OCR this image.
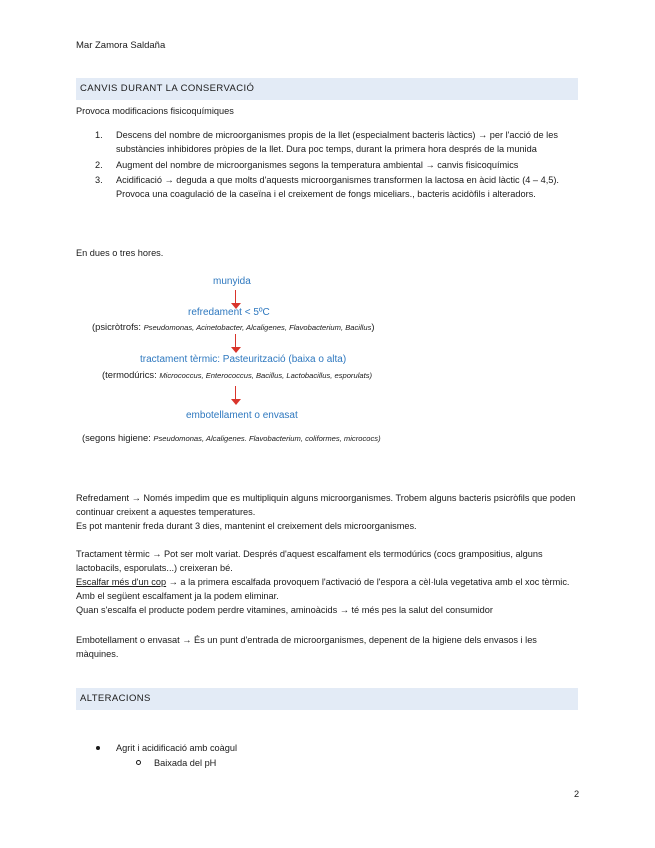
Mar Zamora Saldaña
CANVIS DURANT LA CONSERVACIÓ
Provoca modificacions fisicoquímiques
1. Descens del nombre de microorganismes propis de la llet (especialment bacteris làctics) → per l'acció de les substàncies inhibidores pròpies de la llet. Dura poc temps, durant la primera hora després de la munida
2. Augment del nombre de microorganismes segons la temperatura ambiental → canvis fisicoquímics
3. Acidificació → deguda a que molts d'aquests microorganismes transformen la lactosa en àcid làctic (4 – 4,5). Provoca una coagulació de la caseïna i el creixement de fongs miceliars., bacteris acidòfils i alteradors.
En dues o tres hores.
munyida
refredament < 5ºC
(psicròtrofs: Pseudomonas, Acinetobacter, Alcaligenes, Flavobacterium, Bacillus)
tractament tèrmic: Pasteurització (baixa o alta)
(termodúrics: Micrococcus, Enterococcus, Bacillus, Lactobacillus, esporulats)
embotellament o envasat
(segons higiene: Pseudomonas, Alcaligenes. Flavobacterium, coliformes, micrococs)
Refredament → Només impedim que es multipliquin alguns microorganismes. Trobem alguns bacteris psicròfils que poden continuar creixent a aquestes temperatures.
Es pot mantenir freda durant 3 dies, mantenint el creixement dels microorganismes.
Tractament tèrmic → Pot ser molt variat. Després d'aquest escalfament els termodúrics (cocs grampositius, alguns lactobacils, esporulats...) creixeran bé.
Escalfar més d'un cop → a la primera escalfada provoquem l'activació de l'espora a cèl·lula vegetativa amb el xoc tèrmic. Amb el següent escalfament ja la podem eliminar.
Quan s'escalfa el producte podem perdre vitamines, aminoàcids → té més pes la salut del consumidor
Embotellament o envasat → És un punt d'entrada de microorganismes, depenent de la higiene dels envasos i les màquines.
ALTERACIONS
Agrit i acidificació amb coàgul
Baixada del pH
2
